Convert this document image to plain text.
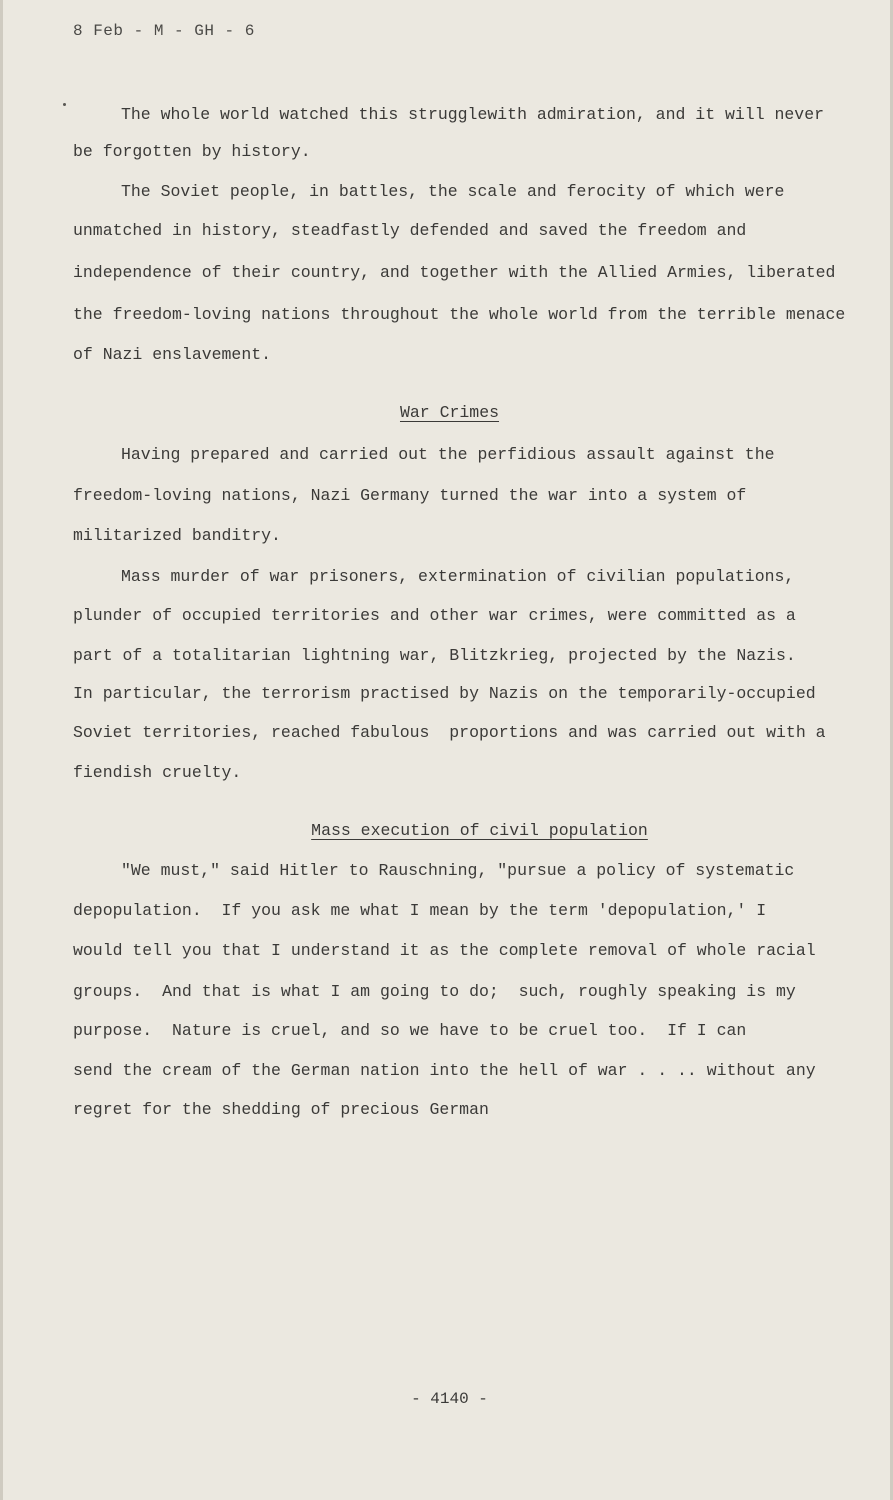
8 Feb - M - GH - 6
The whole world watched this strugglewith admiration, and it will never
be forgotten by history.
The Soviet people, in battles, the scale and ferocity of which were
unmatched in history, steadfastly defended and saved the freedom and
independence of their country, and together with the Allied Armies, liberated
the freedom-loving nations throughout the whole world from the terrible menace
of Nazi enslavement.
War Crimes
Having prepared and carried out the perfidious assault against the
freedom-loving nations, Nazi Germany turned the war into a system of
militarized banditry.
Mass murder of war prisoners, extermination of civilian populations,
plunder of occupied territories and other war crimes, were committed as a
part of a totalitarian lightning war, Blitzkrieg, projected by the Nazis.
In particular, the terrorism practised by Nazis on the temporarily-occupied
Soviet territories, reached fabulous  proportions and was carried out with a
fiendish cruelty.
Mass execution of civil population
"We must," said Hitler to Rauschning, "pursue a policy of systematic
depopulation.  If you ask me what I mean by the term 'depopulation,' I
would tell you that I understand it as the complete removal of whole racial
groups.  And that is what I am going to do;  such, roughly speaking is my
purpose.  Nature is cruel, and so we have to be cruel too.  If I can
send the cream of the German nation into the hell of war . . .. without any
regret for the shedding of precious German
- 4140 -
